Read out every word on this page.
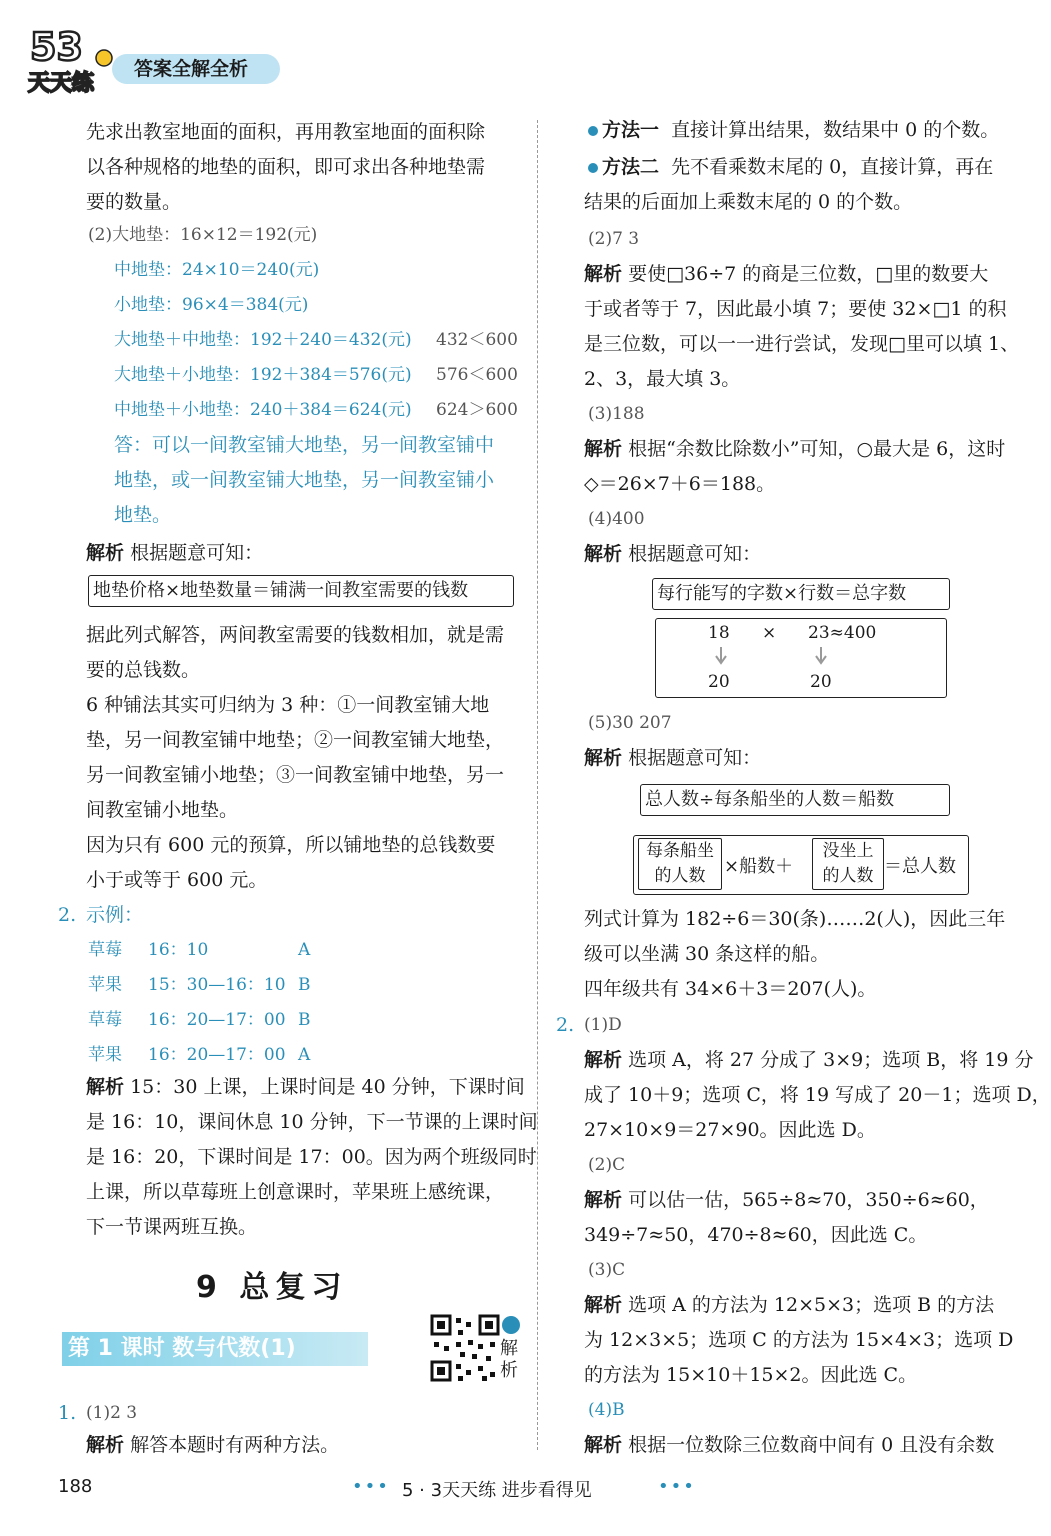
53
天天练
答案全解全析
先求出教室地面的面积，再用教室地面的面积除
以各种规格的地垫的面积，即可求出各种地垫需
要的数量。
(2)大地垫：16×12＝192(元)
中地垫：24×10＝240(元)
小地垫：96×4＝384(元)
大地垫＋中地垫：192＋240＝432(元) 432＜600
大地垫＋小地垫：192＋384＝576(元) 576＜600
中地垫＋小地垫：240＋384＝624(元) 624＞600
答：可以一间教室铺大地垫，另一间教室铺中
地垫，或一间教室铺大地垫，另一间教室铺小
地垫。
解析 根据题意可知：
地垫价格×地垫数量＝铺满一间教室需要的钱数
据此列式解答，两间教室需要的钱数相加，就是需
要的总钱数。
6 种铺法其实可归纳为 3 种：①一间教室铺大地
垫，另一间教室铺中地垫；②一间教室铺大地垫，
另一间教室铺小地垫；③一间教室铺中地垫，另一
间教室铺小地垫。
因为只有 600 元的预算，所以铺地垫的总钱数要
小于或等于 600 元。
2. 示例：
草莓 16：10	A
苹果 15：30—16：10 B
草莓 16：20—17：00 B
苹果 16：20—17：00 A
解析 15：30 上课，上课时间是 40 分钟，下课时间
是 16：10，课间休息 10 分钟，下一节课的上课时间
是 16：20，下课时间是 17：00。因为两个班级同时
上课，所以草莓班上创意课时，苹果班上感统课，
下一节课两班互换。
9 总复习
第 1 课时 数与代数(1)	解析
1. (1)2 3
解析 解答本题时有两种方法。
方法一 直接计算出结果，数结果中 0 的个数。
方法二 先不看乘数末尾的 0，直接计算，再在
结果的后面加上乘数末尾的 0 的个数。
(2)7 3
解析 要使□36÷7 的商是三位数，□里的数要大
于或者等于 7，因此最小填 7；要使 32×□1 的积
是三位数，可以一一进行尝试，发现□里可以填 1、
2、3，最大填 3。
(3)188
解析 根据“余数比除数小”可知，○最大是 6，这时
◇＝26×7＋6＝188。
(4)400
解析 根据题意可知：
每行能写的字数×行数＝总字数
18 × 23≈400
20	20
(5)30 207
解析 根据题意可知：
总人数÷每条船坐的人数＝船数
每条船坐
的人数	×船数＋
没坐上
的人数 ＝总人数
列式计算为 182÷6＝30(条)……2(人)，因此三年
级可以坐满 30 条这样的船。
四年级共有 34×6＋3＝207(人)。
2. (1)D
解析 选项 A，将 27 分成了 3×9；选项 B，将 19 分
成了 10＋9；选项 C，将 19 写成了 20－1；选项 D，
27×10×9＝27×90。因此选 D。
(2)C
解析 可以估一估，565÷8≈70，350÷6≈60，
349÷7≈50，470÷8≈60，因此选 C。
(3)C
解析 选项 A 的方法为 12×5×3；选项 B 的方法
为 12×3×5；选项 C 的方法为 15×4×3；选项 D
的方法为 15×10＋15×2。因此选 C。
(4)B
解析 根据一位数除三位数商中间有 0 且没有余数
188	••• 5 · 3天天练 进步看得见	•••
